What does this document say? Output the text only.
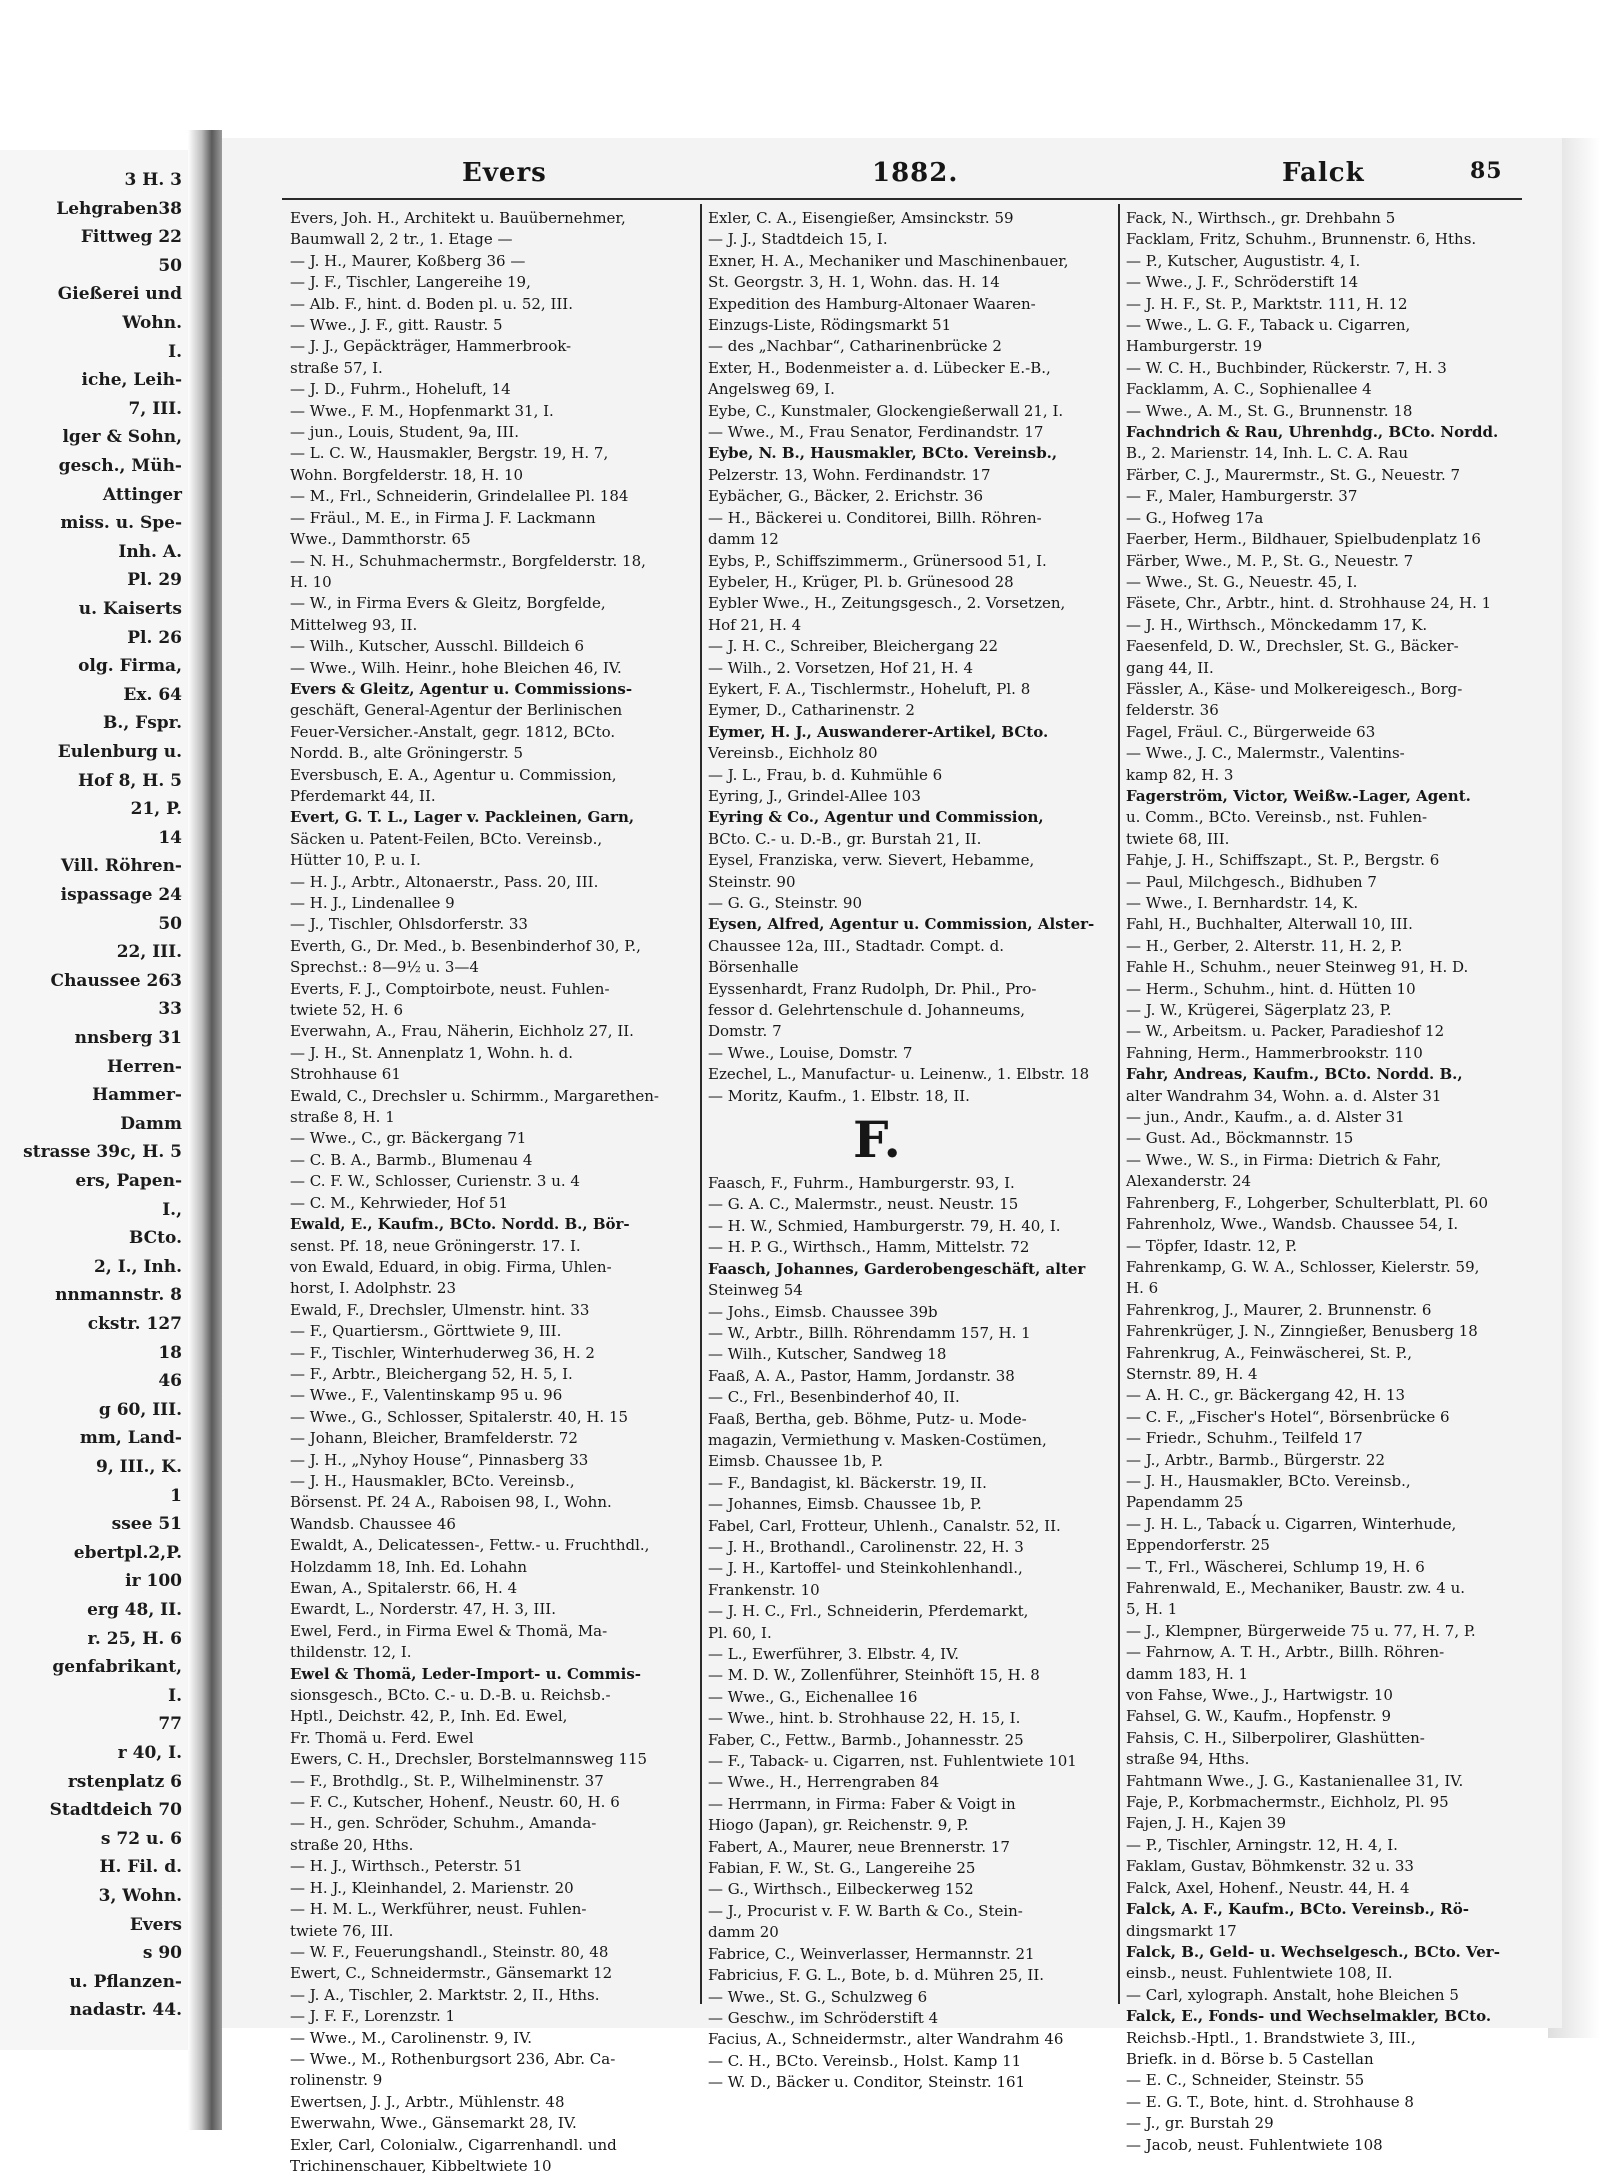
3 H. 3
Lehgraben38
Fittweg 22
50
Gießerei und
Wohn.
I.
iche, Leih-
7, III.
lger & Sohn,
gesch., Müh-
Attinger
miss. u. Spe-
Inh. A.
Pl. 29
u. Kaiserts
Pl. 26
olg. Firma,
Ex. 64
B., Fspr.
Eulenburg u.
Hof 8, H. 5
21, P.
14
Vill. Röhren-
ispassage 24
50
22, III.
Chaussee 263
33
nnsberg 31
Herren-
Hammer-
Damm
strasse 39c, H. 5
ers, Papen-
I.,
BCto.
2, I., Inh.
nnmannstr. 8
ckstr. 127
18
46
g 60, III.
mm, Land-
9, III., K.
1
ssee 51
ebertpl.2,P.
ir 100
erg 48, II.
r. 25, H. 6
genfabrikant,
I.
77
r 40, I.
rstenplatz 6
Stadtdeich 70
s 72 u. 6
H. Fil. d.
3, Wohn.
Evers
s 90
u. Pflanzen-
nadastr. 44.
Evers	1882.	Falck	85
Evers, Joh. H., Architekt u. Bauübernehmer,
Baumwall 2, 2 tr., 1. Etage —
— J. H., Maurer, Koßberg 36 —
— J. F., Tischler, Langereihe 19,
— Alb. F., hint. d. Boden pl. u. 52, III.
— Wwe., J. F., gitt. Raustr. 5
— J. J., Gepäckträger, Hammerbrook-
straße 57, I.
— J. D., Fuhrm., Hoheluft, 14
— Wwe., F. M., Hopfenmarkt 31, I.
— jun., Louis, Student, 9a, III.
— L. C. W., Hausmakler, Bergstr. 19, H. 7,
Wohn. Borgfelderstr. 18, H. 10
— M., Frl., Schneiderin, Grindelallee Pl. 184
— Fräul., M. E., in Firma J. F. Lackmann
Wwe., Dammthorstr. 65
— N. H., Schuhmachermstr., Borgfelderstr. 18,
H. 10
— W., in Firma Evers & Gleitz, Borgfelde,
Mittelweg 93, II.
— Wilh., Kutscher, Ausschl. Billdeich 6
— Wwe., Wilh. Heinr., hohe Bleichen 46, IV.
Evers & Gleitz, Agentur u. Commissions-
geschäft, General-Agentur der Berlinischen
Feuer-Versicher.-Anstalt, gegr. 1812, BCto.
Nordd. B., alte Gröningerstr. 5
Eversbusch, E. A., Agentur u. Commission,
Pferdemarkt 44, II.
Evert, G. T. L., Lager v. Packleinen, Garn,
Säcken u. Patent-Feilen, BCto. Vereinsb.,
Hütter 10, P. u. I.
— H. J., Arbtr., Altonaerstr., Pass. 20, III.
— H. J., Lindenallee 9
— J., Tischler, Ohlsdorferstr. 33
Everth, G., Dr. Med., b. Besenbinderhof 30, P.,
Sprechst.: 8—9½ u. 3—4
Everts, F. J., Comptoirbote, neust. Fuhlen-
twiete 52, H. 6
Everwahn, A., Frau, Näherin, Eichholz 27, II.
— J. H., St. Annenplatz 1, Wohn. h. d.
Strohhause 61
Ewald, C., Drechsler u. Schirmm., Margarethen-
straße 8, H. 1
— Wwe., C., gr. Bäckergang 71
— C. B. A., Barmb., Blumenau 4
— C. F. W., Schlosser, Curienstr. 3 u. 4
— C. M., Kehrwieder, Hof 51
Ewald, E., Kaufm., BCto. Nordd. B., Bör-
senst. Pf. 18, neue Gröningerstr. 17. I.
von Ewald, Eduard, in obig. Firma, Uhlen-
horst, I. Adolphstr. 23
Ewald, F., Drechsler, Ulmenstr. hint. 33
— F., Quartiersm., Görttwiete 9, III.
— F., Tischler, Winterhuderweg 36, H. 2
— F., Arbtr., Bleichergang 52, H. 5, I.
— Wwe., F., Valentinskamp 95 u. 96
— Wwe., G., Schlosser, Spitalerstr. 40, H. 15
— Johann, Bleicher, Bramfelderstr. 72
— J. H., „Nyhoy House“, Pinnasberg 33
— J. H., Hausmakler, BCto. Vereinsb.,
Börsenst. Pf. 24 A., Raboisen 98, I., Wohn.
Wandsb. Chaussee 46
Ewaldt, A., Delicatessen-, Fettw.- u. Fruchthdl.,
Holzdamm 18, Inh. Ed. Lohahn
Ewan, A., Spitalerstr. 66, H. 4
Ewardt, L., Norderstr. 47, H. 3, III.
Ewel, Ferd., in Firma Ewel & Thomä, Ma-
thildenstr. 12, I.
Ewel & Thomä, Leder-Import- u. Commis-
sionsgesch., BCto. C.- u. D.-B. u. Reichsb.-
Hptl., Deichstr. 42, P., Inh. Ed. Ewel,
Fr. Thomä u. Ferd. Ewel
Ewers, C. H., Drechsler, Borstelmannsweg 115
— F., Brothdlg., St. P., Wilhelminenstr. 37
— F. C., Kutscher, Hohenf., Neustr. 60, H. 6
— H., gen. Schröder, Schuhm., Amanda-
straße 20, Hths.
— H. J., Wirthsch., Peterstr. 51
— H. J., Kleinhandel, 2. Marienstr. 20
— H. M. L., Werkführer, neust. Fuhlen-
twiete 76, III.
— W. F., Feuerungshandl., Steinstr. 80, 48
Ewert, C., Schneidermstr., Gänsemarkt 12
— J. A., Tischler, 2. Marktstr. 2, II., Hths.
— J. F. F., Lorenzstr. 1
— Wwe., M., Carolinenstr. 9, IV.
— Wwe., M., Rothenburgsort 236, Abr. Ca-
rolinenstr. 9
Ewertsen, J. J., Arbtr., Mühlenstr. 48
Ewerwahn, Wwe., Gänsemarkt 28, IV.
Exler, Carl, Colonialw., Cigarrenhandl. und
Trichinenschauer, Kibbeltwiete 10
Exler, C. A., Eisengießer, Amsinckstr. 59
— J. J., Stadtdeich 15, I.
Exner, H. A., Mechaniker und Maschinenbauer,
St. Georgstr. 3, H. 1, Wohn. das. H. 14
Expedition des Hamburg-Altonaer Waaren-
Einzugs-Liste, Rödingsmarkt 51
— des „Nachbar“, Catharinenbrücke 2
Exter, H., Bodenmeister a. d. Lübecker E.-B.,
Angelsweg 69, I.
Eybe, C., Kunstmaler, Glockengießerwall 21, I.
— Wwe., M., Frau Senator, Ferdinandstr. 17
Eybe, N. B., Hausmakler, BCto. Vereinsb.,
Pelzerstr. 13, Wohn. Ferdinandstr. 17
Eybächer, G., Bäcker, 2. Erichstr. 36
— H., Bäckerei u. Conditorei, Billh. Röhren-
damm 12
Eybs, P., Schiffszimmerm., Grünersood 51, I.
Eybeler, H., Krüger, Pl. b. Grünesood 28
Eybler Wwe., H., Zeitungsgesch., 2. Vorsetzen,
Hof 21, H. 4
— J. H. C., Schreiber, Bleichergang 22
— Wilh., 2. Vorsetzen, Hof 21, H. 4
Eykert, F. A., Tischlermstr., Hoheluft, Pl. 8
Eymer, D., Catharinenstr. 2
Eymer, H. J., Auswanderer-Artikel, BCto.
Vereinsb., Eichholz 80
— J. L., Frau, b. d. Kuhmühle 6
Eyring, J., Grindel-Allee 103
Eyring & Co., Agentur und Commission,
BCto. C.- u. D.-B., gr. Burstah 21, II.
Eysel, Franziska, verw. Sievert, Hebamme,
Steinstr. 90
— G. G., Steinstr. 90
Eysen, Alfred, Agentur u. Commission, Alster-
Chaussee 12a, III., Stadtadr. Compt. d.
Börsenhalle
Eyssenhardt, Franz Rudolph, Dr. Phil., Pro-
fessor d. Gelehrtenschule d. Johanneums,
Domstr. 7
— Wwe., Louise, Domstr. 7
Ezechel, L., Manufactur- u. Leinenw., 1. Elbstr. 18
— Moritz, Kaufm., 1. Elbstr. 18, II.
F.
Faasch, F., Fuhrm., Hamburgerstr. 93, I.
— G. A. C., Malermstr., neust. Neustr. 15
— H. W., Schmied, Hamburgerstr. 79, H. 40, I.
— H. P. G., Wirthsch., Hamm, Mittelstr. 72
Faasch, Johannes, Garderobengeschäft, alter
Steinweg 54
— Johs., Eimsb. Chaussee 39b
— W., Arbtr., Billh. Röhrendamm 157, H. 1
— Wilh., Kutscher, Sandweg 18
Faaß, A. A., Pastor, Hamm, Jordanstr. 38
— C., Frl., Besenbinderhof 40, II.
Faaß, Bertha, geb. Böhme, Putz- u. Mode-
magazin, Vermiethung v. Masken-Costümen,
Eimsb. Chaussee 1b, P.
— F., Bandagist, kl. Bäckerstr. 19, II.
— Johannes, Eimsb. Chaussee 1b, P.
Fabel, Carl, Frotteur, Uhlenh., Canalstr. 52, II.
— J. H., Brothandl., Carolinenstr. 22, H. 3
— J. H., Kartoffel- und Steinkohlenhandl.,
Frankenstr. 10
— J. H. C., Frl., Schneiderin, Pferdemarkt,
Pl. 60, I.
— L., Ewerführer, 3. Elbstr. 4, IV.
— M. D. W., Zollenführer, Steinhöft 15, H. 8
— Wwe., G., Eichenallee 16
— Wwe., hint. b. Strohhause 22, H. 15, I.
Faber, C., Fettw., Barmb., Johannesstr. 25
— F., Taback- u. Cigarren, nst. Fuhlentwiete 101
— Wwe., H., Herrengraben 84
— Herrmann, in Firma: Faber & Voigt in
Hiogo (Japan), gr. Reichenstr. 9, P.
Fabert, A., Maurer, neue Brennerstr. 17
Fabian, F. W., St. G., Langereihe 25
— G., Wirthsch., Eilbeckerweg 152
— J., Procurist v. F. W. Barth & Co., Stein-
damm 20
Fabrice, C., Weinverlasser, Hermannstr. 21
Fabricius, F. G. L., Bote, b. d. Mühren 25, II.
— Wwe., St. G., Schulzweg 6
— Geschw., im Schröderstift 4
Facius, A., Schneidermstr., alter Wandrahm 46
— C. H., BCto. Vereinsb., Holst. Kamp 11
— W. D., Bäcker u. Conditor, Steinstr. 161
Fack, N., Wirthsch., gr. Drehbahn 5
Facklam, Fritz, Schuhm., Brunnenstr. 6, Hths.
— P., Kutscher, Augustistr. 4, I.
— Wwe., J. F., Schröderstift 14
— J. H. F., St. P., Marktstr. 111, H. 12
— Wwe., L. G. F., Taback u. Cigarren,
Hamburgerstr. 19
— W. C. H., Buchbinder, Rückerstr. 7, H. 3
Facklamm, A. C., Sophienallee 4
— Wwe., A. M., St. G., Brunnenstr. 18
Fachndrich & Rau, Uhrenhdg., BCto. Nordd.
B., 2. Marienstr. 14, Inh. L. C. A. Rau
Färber, C. J., Maurermstr., St. G., Neuestr. 7
— F., Maler, Hamburgerstr. 37
— G., Hofweg 17a
Faerber, Herm., Bildhauer, Spielbudenplatz 16
Färber, Wwe., M. P., St. G., Neuestr. 7
— Wwe., St. G., Neuestr. 45, I.
Fäsete, Chr., Arbtr., hint. d. Strohhause 24, H. 1
— J. H., Wirthsch., Mönckedamm 17, K.
Faesenfeld, D. W., Drechsler, St. G., Bäcker-
gang 44, II.
Fässler, A., Käse- und Molkereigesch., Borg-
felderstr. 36
Fagel, Fräul. C., Bürgerweide 63
— Wwe., J. C., Malermstr., Valentins-
kamp 82, H. 3
Fagerström, Victor, Weißw.-Lager, Agent.
u. Comm., BCto. Vereinsb., nst. Fuhlen-
twiete 68, III.
Fahje, J. H., Schiffszapt., St. P., Bergstr. 6
— Paul, Milchgesch., Bidhuben 7
— Wwe., I. Bernhardstr. 14, K.
Fahl, H., Buchhalter, Alterwall 10, III.
— H., Gerber, 2. Alterstr. 11, H. 2, P.
Fahle H., Schuhm., neuer Steinweg 91, H. D.
— Herm., Schuhm., hint. d. Hütten 10
— J. W., Krügerei, Sägerplatz 23, P.
— W., Arbeitsm. u. Packer, Paradieshof 12
Fahning, Herm., Hammerbrookstr. 110
Fahr, Andreas, Kaufm., BCto. Nordd. B.,
alter Wandrahm 34, Wohn. a. d. Alster 31
— jun., Andr., Kaufm., a. d. Alster 31
— Gust. Ad., Böckmannstr. 15
— Wwe., W. S., in Firma: Dietrich & Fahr,
Alexanderstr. 24
Fahrenberg, F., Lohgerber, Schulterblatt, Pl. 60
Fahrenholz, Wwe., Wandsb. Chaussee 54, I.
— Töpfer, Idastr. 12, P.
Fahrenkamp, G. W. A., Schlosser, Kielerstr. 59,
H. 6
Fahrenkrog, J., Maurer, 2. Brunnenstr. 6
Fahrenkrüger, J. N., Zinngießer, Benusberg 18
Fahrenkrug, A., Feinwäscherei, St. P.,
Sternstr. 89, H. 4
— A. H. C., gr. Bäckergang 42, H. 13
— C. F., „Fischer's Hotel“, Börsenbrücke 6
— Friedr., Schuhm., Teilfeld 17
— J., Arbtr., Barmb., Bürgerstr. 22
— J. H., Hausmakler, BCto. Vereinsb.,
Papendamm 25
— J. H. L., Tabacḱ u. Cigarren, Winterhude,
Eppendorferstr. 25
— T., Frl., Wäscherei, Schlump 19, H. 6
Fahrenwald, E., Mechaniker, Baustr. zw. 4 u.
5, H. 1
— J., Klempner, Bürgerweide 75 u. 77, H. 7, P.
— Fahrnow, A. T. H., Arbtr., Billh. Röhren-
damm 183, H. 1
von Fahse, Wwe., J., Hartwigstr. 10
Fahsel, G. W., Kaufm., Hopfenstr. 9
Fahsis, C. H., Silberpolirer, Glashütten-
straße 94, Hths.
Fahtmann Wwe., J. G., Kastanienallee 31, IV.
Faje, P., Korbmachermstr., Eichholz, Pl. 95
Fajen, J. H., Kajen 39
— P., Tischler, Arningstr. 12, H. 4, I.
Faklam, Gustav, Böhmkenstr. 32 u. 33
Falck, Axel, Hohenf., Neustr. 44, H. 4
Falck, A. F., Kaufm., BCto. Vereinsb., Rö-
dingsmarkt 17
Falck, B., Geld- u. Wechselgesch., BCto. Ver-
einsb., neust. Fuhlentwiete 108, II.
— Carl, xylograph. Anstalt, hohe Bleichen 5
Falck, E., Fonds- und Wechselmakler, BCto.
Reichsb.-Hptl., 1. Brandstwiete 3, III.,
Briefk. in d. Börse b. 5 Castellan
— E. C., Schneider, Steinstr. 55
— E. G. T., Bote, hint. d. Strohhause 8
— J., gr. Burstah 29
— Jacob, neust. Fuhlentwiete 108
